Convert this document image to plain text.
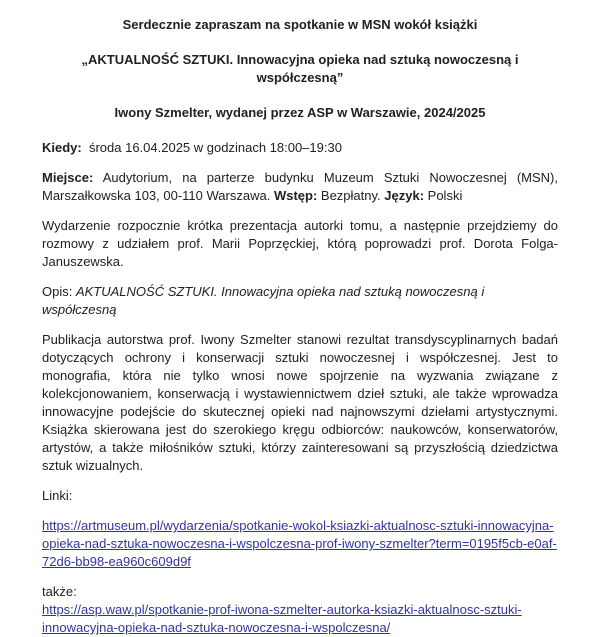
Serdecznie zapraszam na spotkanie w MSN wokół książki

„AKTUALNOŚĆ SZTUKI. Innowacyjna opieka nad sztuką nowoczesną i współczesną”

Iwony Szmelter, wydanej przez ASP w Warszawie, 2024/2025

Kiedy: środa 16.04.2025 w godzinach 18:00–19:30

Miejsce: Audytorium, na parterze budynku Muzeum Sztuki Nowoczesnej (MSN), Marszałkowska 103, 00-110 Warszawa. Wstęp: Bezpłatny. Język: Polski

Wydarzenie rozpocznie krótka prezentacja autorki tomu, a następnie przejdziemy do rozmowy z udziałem prof. Marii Poprzęckiej, którą poprowadzi prof. Dorota Folga-Januszewska.

Opis: AKTUALNOŚĆ SZTUKI. Innowacyjna opieka nad sztuką nowoczesną i współczesną

Publikacja autorstwa prof. Iwony Szmelter stanowi rezultat transdyscyplinarnych badań dotyczących ochrony i konserwacji sztuki nowoczesnej i współczesnej. Jest to monografia, która nie tylko wnosi nowe spojrzenie na wyzwania związane z kolekcjonowaniem, konserwacją i wystawiennictwem dzieł sztuki, ale także wprowadza innowacyjne podejście do skutecznej opieki nad najnowszymi dziełami artystycznymi. Książka skierowana jest do szerokiego kręgu odbiorców: naukowców, konserwatorów, artystów, a także miłośników sztuki, którzy zainteresowani są przyszłością dziedzictwa sztuk wizualnych.

Linki:

https://artmuseum.pl/wydarzenia/spotkanie-wokol-ksiazki-aktualnosc-sztuki-innowacyjna-opieka-nad-sztuka-nowoczesna-i-wspolczesna-prof-iwony-szmelter?term=0195f5cb-e0af-72d6-bb98-ea960c609d9f

także:
https://asp.waw.pl/spotkanie-prof-iwona-szmelter-autorka-ksiazki-aktualnosc-sztuki-innowacyjna-opieka-nad-sztuka-nowoczesna-i-wspolczesna/
